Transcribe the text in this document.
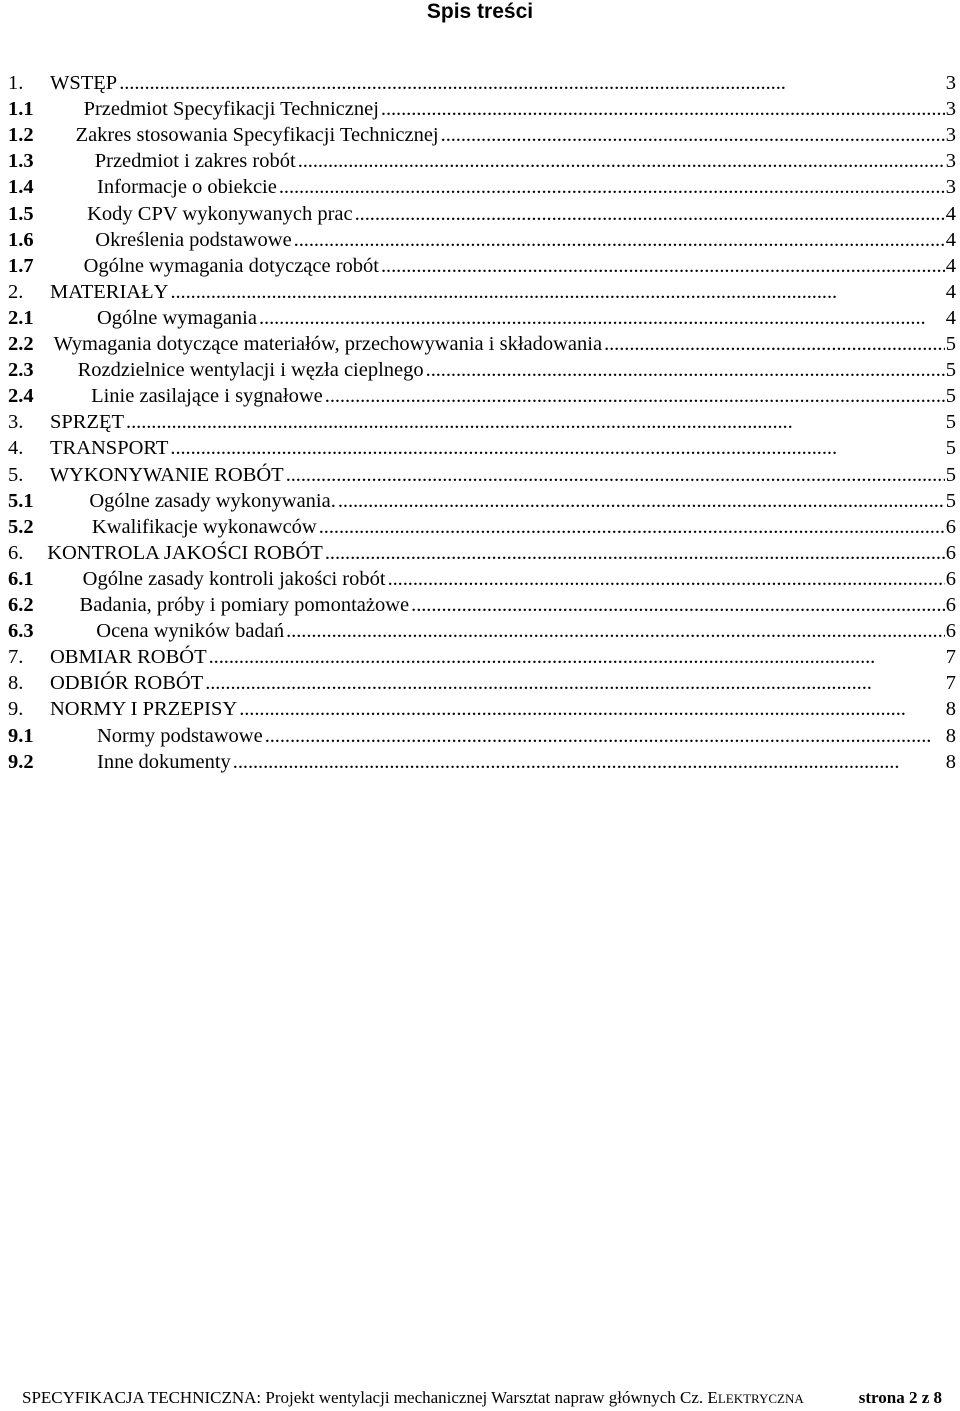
Spis treści
1.	WSTĘP . . .	3
1.1	Przedmiot Specyfikacji Technicznej . . .	3
1.2	Zakres stosowania Specyfikacji Technicznej . . .	3
1.3	Przedmiot i zakres robót . . .	3
1.4	Informacje o obiekcie . . .	3
1.5	Kody CPV wykonywanych prac . . .	4
1.6	Określenia podstawowe . . .	4
1.7	Ogólne wymagania dotyczące robót . . .	4
2.	MATERIAŁY . . .	4
2.1	Ogólne wymagania . . .	4
2.2 Wymagania dotyczące materiałów, przechowywania i składowania . . .	5
2.3	Rozdzielnice wentylacji i węzła cieplnego . . .	5
2.4	Linie zasilające i sygnałowe . . .	5
3.	SPRZĘT . . .	5
4.	TRANSPORT . . .	5
5.	WYKONYWANIE ROBÓT . . .	5
5.1	Ogólne zasady wykonywania. . . .	5
5.2	Kwalifikacje wykonawców . . .	6
6.	KONTROLA JAKOŚCI ROBÓT . . .	6
6.1	Ogólne zasady kontroli jakości robót . . .	6
6.2	Badania, próby i pomiary pomontażowe . . .	6
6.3	Ocena wyników badań . . .	6
7.	OBMIAR ROBÓT . . .	7
8.	ODBIÓR ROBÓT . . .	7
9.	NORMY I PRZEPISY . . .	8
9.1	Normy podstawowe . . .	8
9.2	Inne dokumenty . . .	8
SPECYFIKACJA TECHNICZNA: Projekt wentylacji mechanicznej Warsztat napraw głównych Cz. ELEKTRYCZNA	strona 2 z 8
